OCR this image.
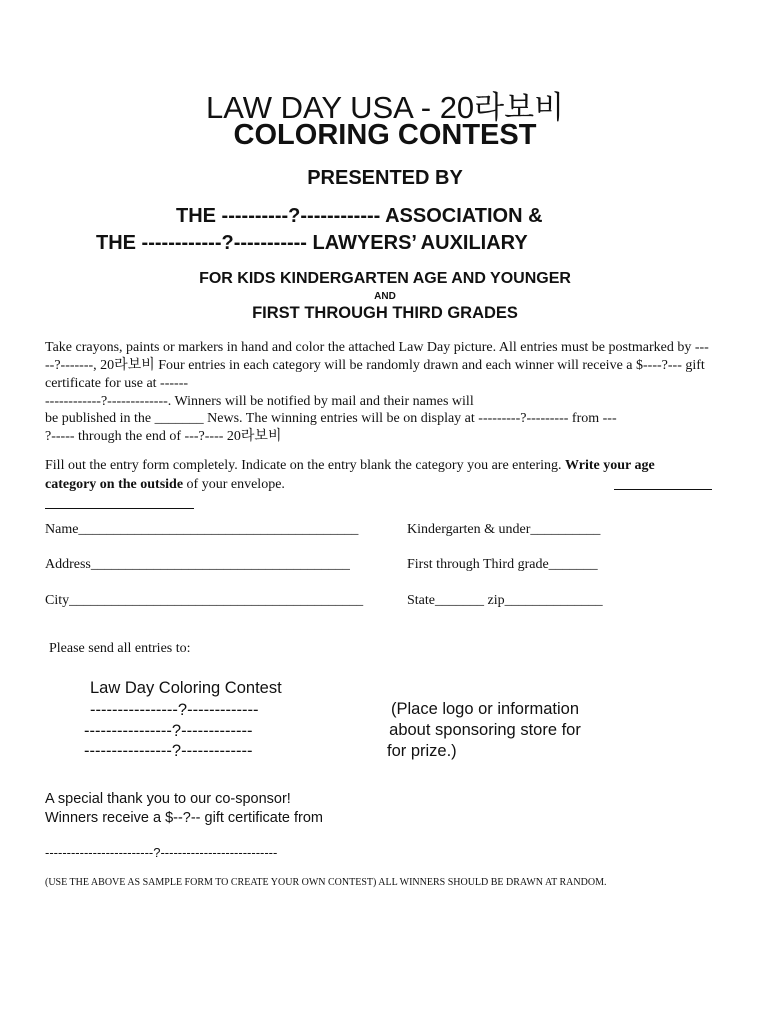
LAW DAY USA - 20라보비
COLORING CONTEST
PRESENTED BY
THE ----------?------------ ASSOCIATION &
THE ------------?----------- LAWYERS’ AUXILIARY
FOR KIDS KINDERGARTEN AGE AND YOUNGER
AND
FIRST THROUGH THIRD GRADES
Take crayons, paints or markers in hand and color the attached Law Day picture. All entries must be postmarked by ---
--?-------, 20라보비 Four entries in each category will be randomly drawn and each winner will receive a $----?--- gift
certificate for use at ------
------------?-------------. Winners will be notified by mail and their names will
be published in the _______ News. The winning entries will be on display at ---------?--------- from ---
?----- through the end of ---?---- 20라보비
Fill out the entry form completely. Indicate on the entry blank the category you are entering. Write your age
category on the outside of your envelope.
Name________________________________________	Kindergarten & under__________
Address_____________________________________	First through Third grade_______
City__________________________________________	State_______ zip______________
Please send all entries to:
Law Day Coloring Contest
----------------?-------------
----------------?-------------
----------------?-------------
(Place logo or information
about sponsoring store for
for prize.)
A special thank you to our co-sponsor!
Winners receive a $--?-- gift certificate from
-------------------------?---------------------------
(USE THE ABOVE AS SAMPLE FORM TO CREATE YOUR OWN CONTEST) ALL WINNERS SHOULD BE DRAWN AT RANDOM.
